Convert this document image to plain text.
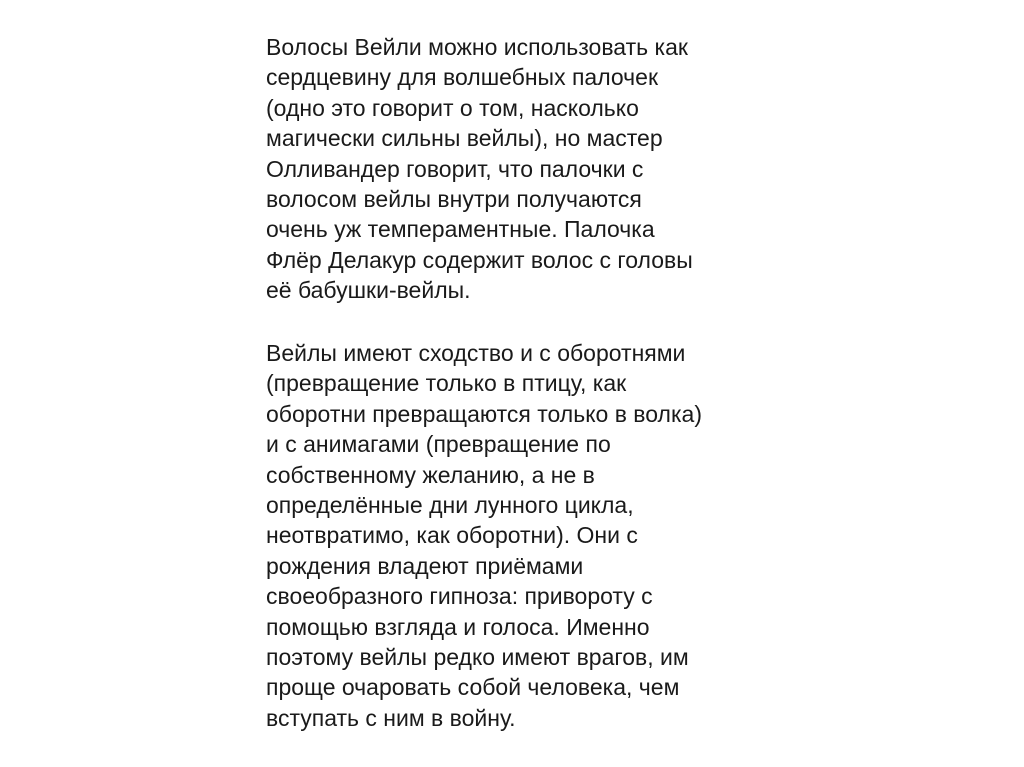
Волосы Вейли можно использовать как
сердцевину для волшебных палочек
(одно это говорит о том, насколько
магически сильны вейлы), но мастер
Олливандер говорит, что палочки с
волосом вейлы внутри получаются
очень уж темпераментные. Палочка
Флёр Делакур содержит волос с головы
её бабушки-вейлы.
Вейлы имеют сходство и с оборотнями
(превращение только в птицу, как
оборотни превращаются только в волка)
и с анимагами (превращение по
собственному желанию, а не в
определённые дни лунного цикла,
неотвратимо, как оборотни). Они с
рождения владеют приёмами
своеобразного гипноза: привороту с
помощью взгляда и голоса. Именно
поэтому вейлы редко имеют врагов, им
проще очаровать собой человека, чем
вступать с ним в войну.
